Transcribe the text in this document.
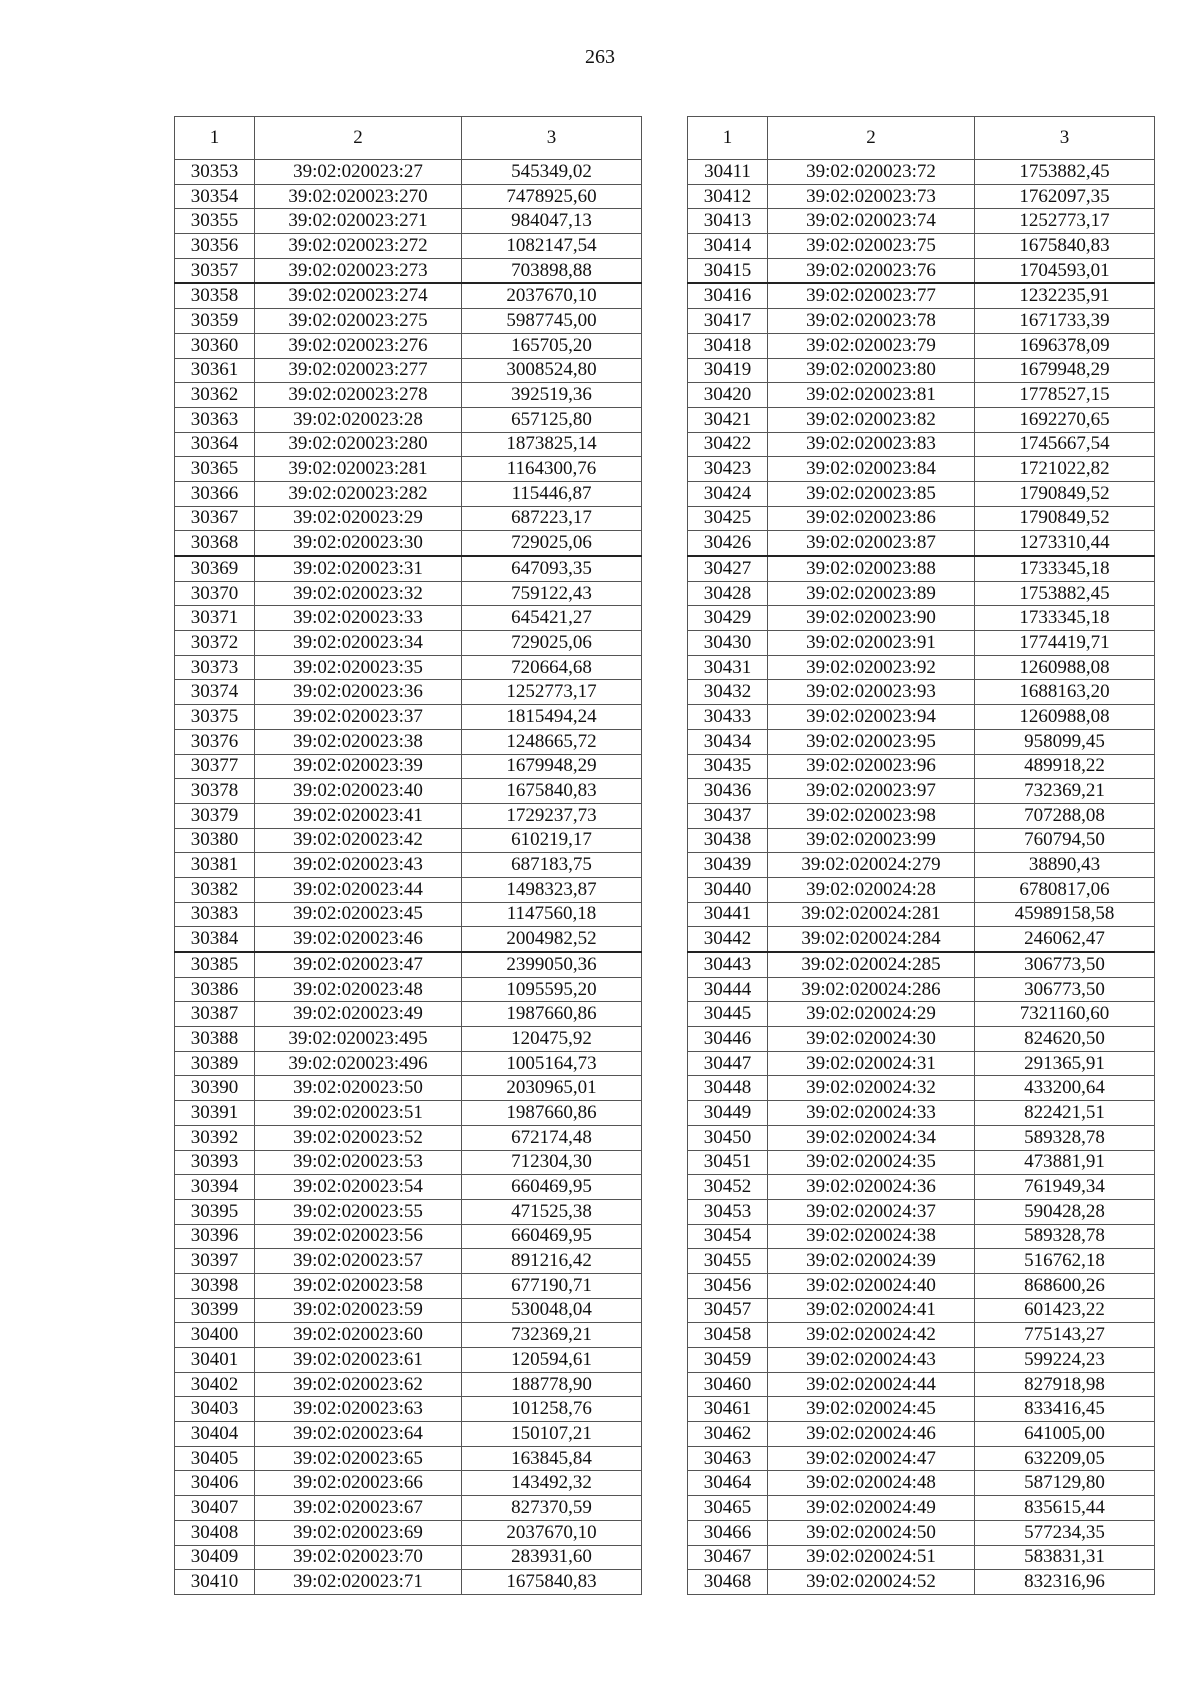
263
1	2	3
30353	39:02:020023:27	545349,02
30354	39:02:020023:270	7478925,60
30355	39:02:020023:271	984047,13
30356	39:02:020023:272	1082147,54
30357	39:02:020023:273	703898,88
30358	39:02:020023:274	2037670,10
30359	39:02:020023:275	5987745,00
30360	39:02:020023:276	165705,20
30361	39:02:020023:277	3008524,80
30362	39:02:020023:278	392519,36
30363	39:02:020023:28	657125,80
30364	39:02:020023:280	1873825,14
30365	39:02:020023:281	1164300,76
30366	39:02:020023:282	115446,87
30367	39:02:020023:29	687223,17
30368	39:02:020023:30	729025,06
30369	39:02:020023:31	647093,35
30370	39:02:020023:32	759122,43
30371	39:02:020023:33	645421,27
30372	39:02:020023:34	729025,06
30373	39:02:020023:35	720664,68
30374	39:02:020023:36	1252773,17
30375	39:02:020023:37	1815494,24
30376	39:02:020023:38	1248665,72
30377	39:02:020023:39	1679948,29
30378	39:02:020023:40	1675840,83
30379	39:02:020023:41	1729237,73
30380	39:02:020023:42	610219,17
30381	39:02:020023:43	687183,75
30382	39:02:020023:44	1498323,87
30383	39:02:020023:45	1147560,18
30384	39:02:020023:46	2004982,52
30385	39:02:020023:47	2399050,36
30386	39:02:020023:48	1095595,20
30387	39:02:020023:49	1987660,86
30388	39:02:020023:495	120475,92
30389	39:02:020023:496	1005164,73
30390	39:02:020023:50	2030965,01
30391	39:02:020023:51	1987660,86
30392	39:02:020023:52	672174,48
30393	39:02:020023:53	712304,30
30394	39:02:020023:54	660469,95
30395	39:02:020023:55	471525,38
30396	39:02:020023:56	660469,95
30397	39:02:020023:57	891216,42
30398	39:02:020023:58	677190,71
30399	39:02:020023:59	530048,04
30400	39:02:020023:60	732369,21
30401	39:02:020023:61	120594,61
30402	39:02:020023:62	188778,90
30403	39:02:020023:63	101258,76
30404	39:02:020023:64	150107,21
30405	39:02:020023:65	163845,84
30406	39:02:020023:66	143492,32
30407	39:02:020023:67	827370,59
30408	39:02:020023:69	2037670,10
30409	39:02:020023:70	283931,60
30410	39:02:020023:71	1675840,83
1	2	3
30411	39:02:020023:72	1753882,45
30412	39:02:020023:73	1762097,35
30413	39:02:020023:74	1252773,17
30414	39:02:020023:75	1675840,83
30415	39:02:020023:76	1704593,01
30416	39:02:020023:77	1232235,91
30417	39:02:020023:78	1671733,39
30418	39:02:020023:79	1696378,09
30419	39:02:020023:80	1679948,29
30420	39:02:020023:81	1778527,15
30421	39:02:020023:82	1692270,65
30422	39:02:020023:83	1745667,54
30423	39:02:020023:84	1721022,82
30424	39:02:020023:85	1790849,52
30425	39:02:020023:86	1790849,52
30426	39:02:020023:87	1273310,44
30427	39:02:020023:88	1733345,18
30428	39:02:020023:89	1753882,45
30429	39:02:020023:90	1733345,18
30430	39:02:020023:91	1774419,71
30431	39:02:020023:92	1260988,08
30432	39:02:020023:93	1688163,20
30433	39:02:020023:94	1260988,08
30434	39:02:020023:95	958099,45
30435	39:02:020023:96	489918,22
30436	39:02:020023:97	732369,21
30437	39:02:020023:98	707288,08
30438	39:02:020023:99	760794,50
30439	39:02:020024:279	38890,43
30440	39:02:020024:28	6780817,06
30441	39:02:020024:281	45989158,58
30442	39:02:020024:284	246062,47
30443	39:02:020024:285	306773,50
30444	39:02:020024:286	306773,50
30445	39:02:020024:29	7321160,60
30446	39:02:020024:30	824620,50
30447	39:02:020024:31	291365,91
30448	39:02:020024:32	433200,64
30449	39:02:020024:33	822421,51
30450	39:02:020024:34	589328,78
30451	39:02:020024:35	473881,91
30452	39:02:020024:36	761949,34
30453	39:02:020024:37	590428,28
30454	39:02:020024:38	589328,78
30455	39:02:020024:39	516762,18
30456	39:02:020024:40	868600,26
30457	39:02:020024:41	601423,22
30458	39:02:020024:42	775143,27
30459	39:02:020024:43	599224,23
30460	39:02:020024:44	827918,98
30461	39:02:020024:45	833416,45
30462	39:02:020024:46	641005,00
30463	39:02:020024:47	632209,05
30464	39:02:020024:48	587129,80
30465	39:02:020024:49	835615,44
30466	39:02:020024:50	577234,35
30467	39:02:020024:51	583831,31
30468	39:02:020024:52	832316,96
